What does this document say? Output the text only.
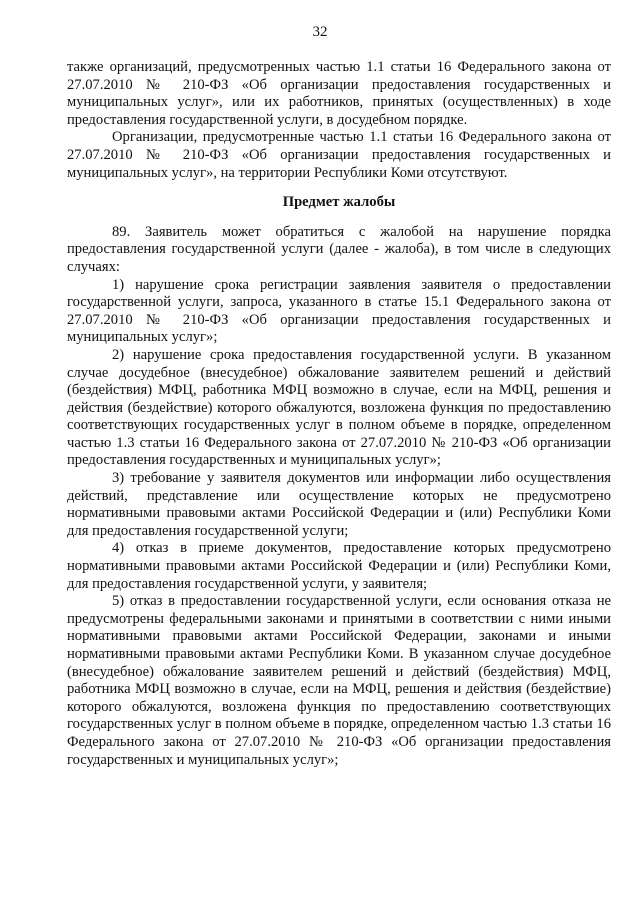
32

также организаций, предусмотренных частью 1.1 статьи 16 Федерального закона от 27.07.2010 № 210-ФЗ «Об организации предоставления государственных и муниципальных услуг», или их работников, принятых (осуществленных) в ходе предоставления государственной услуги, в досудебном порядке.

Организации, предусмотренные частью 1.1 статьи 16 Федерального закона от 27.07.2010 № 210-ФЗ «Об организации предоставления государственных и муниципальных услуг», на территории Республики Коми отсутствуют.

Предмет жалобы

89. Заявитель может обратиться с жалобой на нарушение порядка предоставления государственной услуги (далее - жалоба), в том числе в следующих случаях:

1) нарушение срока регистрации заявления заявителя о предоставлении государственной услуги, запроса, указанного в статье 15.1 Федерального закона от 27.07.2010 № 210-ФЗ «Об организации предоставления государственных и муниципальных услуг»;

2) нарушение срока предоставления государственной услуги. В указанном случае досудебное (внесудебное) обжалование заявителем решений и действий (бездействия) МФЦ, работника МФЦ возможно в случае, если на МФЦ, решения и действия (бездействие) которого обжалуются, возложена функция по предоставлению соответствующих государственных услуг в полном объеме в порядке, определенном частью 1.3 статьи 16 Федерального закона от 27.07.2010 № 210-ФЗ «Об организации предоставления государственных и муниципальных услуг»;

3) требование у заявителя документов или информации либо осуществления действий, представление или осуществление которых не предусмотрено нормативными правовыми актами Российской Федерации и (или) Республики Коми для предоставления государственной услуги;

4) отказ в приеме документов, предоставление которых предусмотрено нормативными правовыми актами Российской Федерации и (или) Республики Коми, для предоставления государственной услуги, у заявителя;

5) отказ в предоставлении государственной услуги, если основания отказа не предусмотрены федеральными законами и принятыми в соответствии с ними иными нормативными правовыми актами Российской Федерации, законами и иными нормативными правовыми актами Республики Коми. В указанном случае досудебное (внесудебное) обжалование заявителем решений и действий (бездействия) МФЦ, работника МФЦ возможно в случае, если на МФЦ, решения и действия (бездействие) которого обжалуются, возложена функция по предоставлению соответствующих государственных услуг в полном объеме в порядке, определенном частью 1.3 статьи 16 Федерального закона от 27.07.2010 № 210-ФЗ «Об организации предоставления государственных и муниципальных услуг»;
